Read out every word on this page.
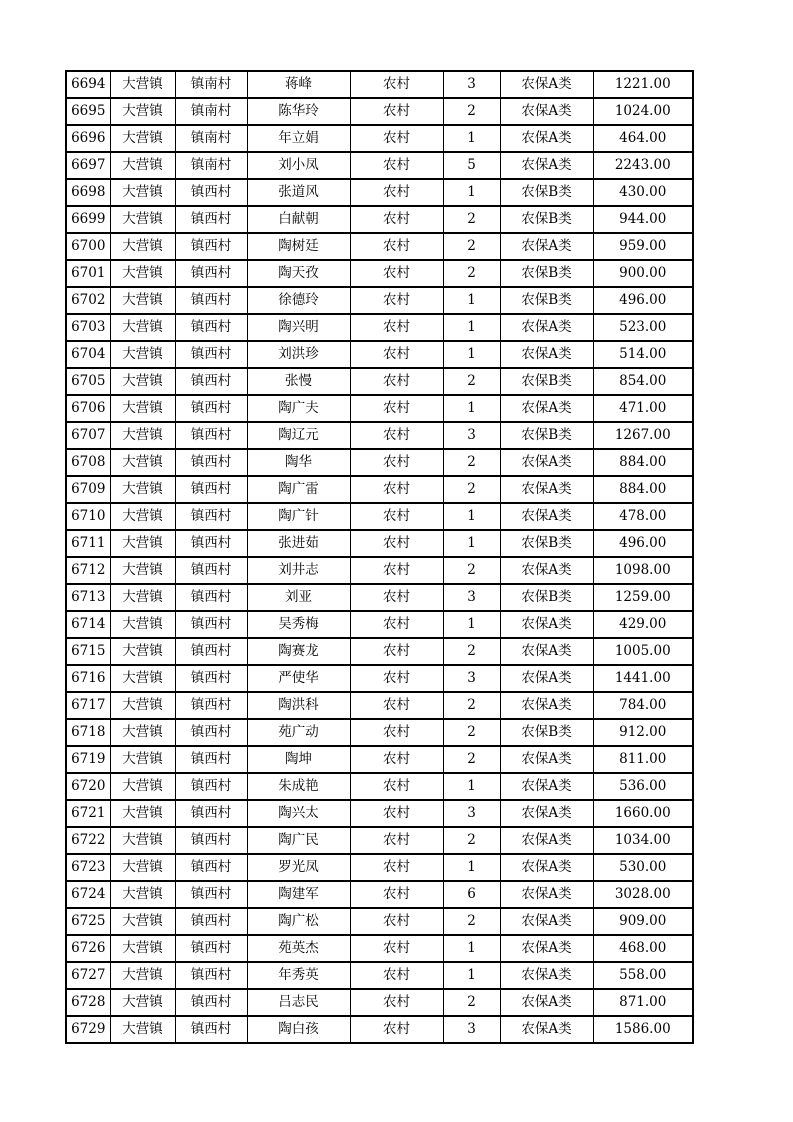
6694	大营镇	镇南村	蒋峰	农村	3	农保A类	1221.00
6695	大营镇	镇南村	陈华玲	农村	2	农保A类	1024.00
6696	大营镇	镇南村	年立娟	农村	1	农保A类	464.00
6697	大营镇	镇南村	刘小凤	农村	5	农保A类	2243.00
6698	大营镇	镇西村	张道风	农村	1	农保B类	430.00
6699	大营镇	镇西村	白献朝	农村	2	农保B类	944.00
6700	大营镇	镇西村	陶树廷	农村	2	农保A类	959.00
6701	大营镇	镇西村	陶天孜	农村	2	农保B类	900.00
6702	大营镇	镇西村	徐德玲	农村	1	农保B类	496.00
6703	大营镇	镇西村	陶兴明	农村	1	农保A类	523.00
6704	大营镇	镇西村	刘洪珍	农村	1	农保A类	514.00
6705	大营镇	镇西村	张慢	农村	2	农保B类	854.00
6706	大营镇	镇西村	陶广夫	农村	1	农保A类	471.00
6707	大营镇	镇西村	陶辽元	农村	3	农保B类	1267.00
6708	大营镇	镇西村	陶华	农村	2	农保A类	884.00
6709	大营镇	镇西村	陶广雷	农村	2	农保A类	884.00
6710	大营镇	镇西村	陶广针	农村	1	农保A类	478.00
6711	大营镇	镇西村	张进茹	农村	1	农保B类	496.00
6712	大营镇	镇西村	刘井志	农村	2	农保A类	1098.00
6713	大营镇	镇西村	刘亚	农村	3	农保B类	1259.00
6714	大营镇	镇西村	吴秀梅	农村	1	农保A类	429.00
6715	大营镇	镇西村	陶赛龙	农村	2	农保A类	1005.00
6716	大营镇	镇西村	严使华	农村	3	农保A类	1441.00
6717	大营镇	镇西村	陶洪科	农村	2	农保A类	784.00
6718	大营镇	镇西村	苑广动	农村	2	农保B类	912.00
6719	大营镇	镇西村	陶坤	农村	2	农保A类	811.00
6720	大营镇	镇西村	朱成艳	农村	1	农保A类	536.00
6721	大营镇	镇西村	陶兴太	农村	3	农保A类	1660.00
6722	大营镇	镇西村	陶广民	农村	2	农保A类	1034.00
6723	大营镇	镇西村	罗光凤	农村	1	农保A类	530.00
6724	大营镇	镇西村	陶建军	农村	6	农保A类	3028.00
6725	大营镇	镇西村	陶广松	农村	2	农保A类	909.00
6726	大营镇	镇西村	苑英杰	农村	1	农保A类	468.00
6727	大营镇	镇西村	年秀英	农村	1	农保A类	558.00
6728	大营镇	镇西村	吕志民	农村	2	农保A类	871.00
6729	大营镇	镇西村	陶白孩	农村	3	农保A类	1586.00
